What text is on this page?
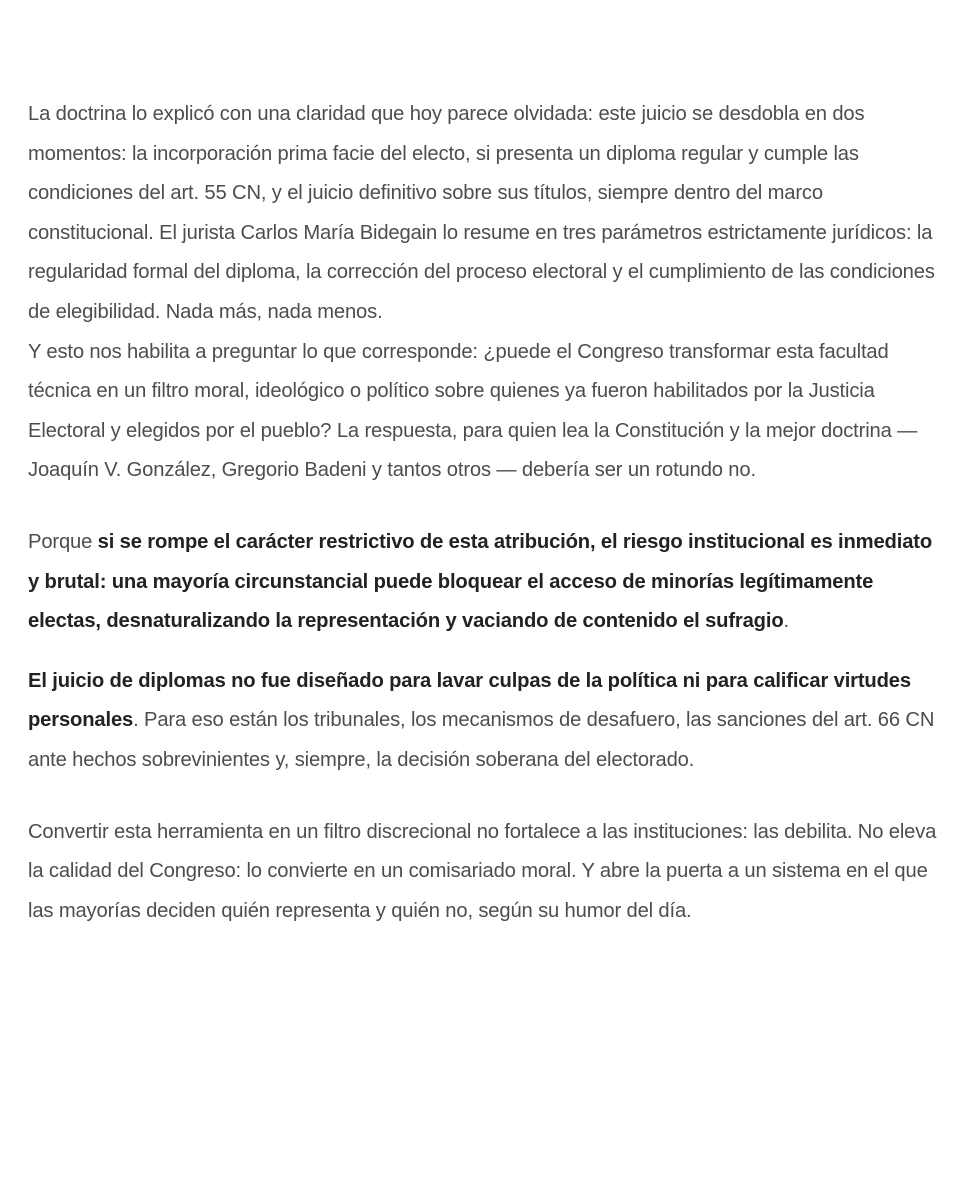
La doctrina lo explicó con una claridad que hoy parece olvidada: este juicio se desdobla en dos momentos: la incorporación prima facie del electo, si presenta un diploma regular y cumple las condiciones del art. 55 CN, y el juicio definitivo sobre sus títulos, siempre dentro del marco constitucional. El jurista Carlos María Bidegain lo resume en tres parámetros estrictamente jurídicos: la regularidad formal del diploma, la corrección del proceso electoral y el cumplimiento de las condiciones de elegibilidad. Nada más, nada menos.

Y esto nos habilita a preguntar lo que corresponde: ¿puede el Congreso transformar esta facultad técnica en un filtro moral, ideológico o político sobre quienes ya fueron habilitados por la Justicia Electoral y elegidos por el pueblo? La respuesta, para quien lea la Constitución y la mejor doctrina —Joaquín V. González, Gregorio Badeni y tantos otros — debería ser un rotundo no.

Porque si se rompe el carácter restrictivo de esta atribución, el riesgo institucional es inmediato y brutal: una mayoría circunstancial puede bloquear el acceso de minorías legítimamente electas, desnaturalizando la representación y vaciando de contenido el sufragio.

El juicio de diplomas no fue diseñado para lavar culpas de la política ni para calificar virtudes personales. Para eso están los tribunales, los mecanismos de desafuero, las sanciones del art. 66 CN ante hechos sobrevinientes y, siempre, la decisión soberana del electorado.

Convertir esta herramienta en un filtro discrecional no fortalece a las instituciones: las debilita. No eleva la calidad del Congreso: lo convierte en un comisariado moral. Y abre la puerta a un sistema en el que las mayorías deciden quién representa y quién no, según su humor del día.
